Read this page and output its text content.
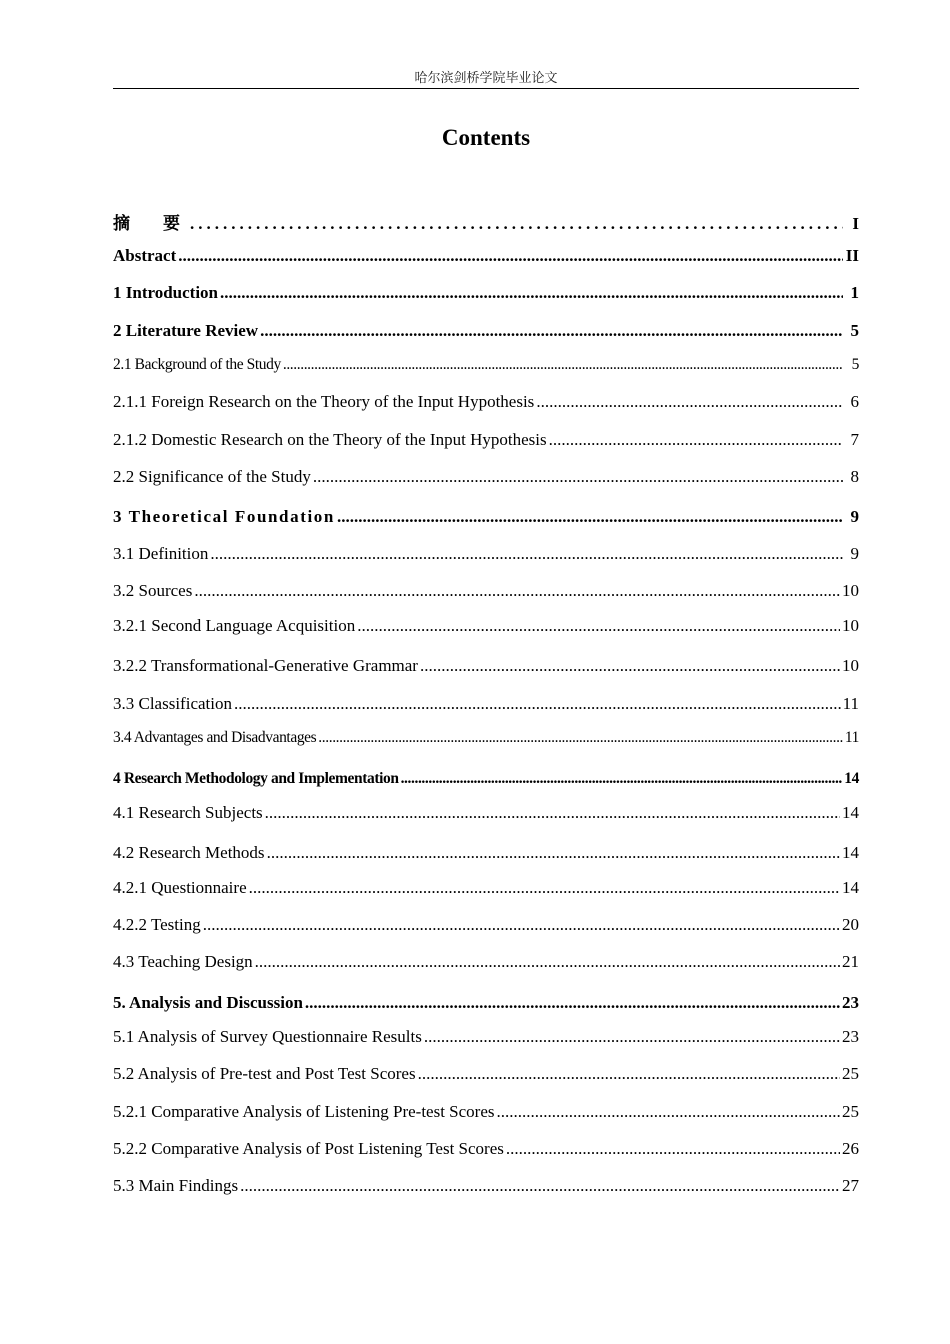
哈尔滨剑桥学院毕业论文
Contents
摘　要 .....	I
Abstract .....	II
1 Introduction .....	1
2 Literature Review .....	5
2.1 Background of the Study .....	5
2.1.1 Foreign Research on the Theory of the Input Hypothesis .....	6
2.1.2 Domestic Research on the Theory of the Input Hypothesis .....	7
2.2 Significance of the Study .....	8
3 Theoretical Foundation .....	9
3.1 Definition .....	9
3.2 Sources .....	10
3.2.1 Second Language Acquisition .....	10
3.2.2 Transformational-Generative Grammar .....	10
3.3 Classification .....	11
3.4 Advantages and Disadvantages .....	11
4 Research Methodology and Implementation .....	14
4.1 Research Subjects .....	14
4.2 Research Methods .....	14
4.2.1 Questionnaire .....	14
4.2.2 Testing .....	20
4.3 Teaching Design .....	21
5. Analysis and Discussion .....	23
5.1 Analysis of Survey Questionnaire Results .....	23
5.2 Analysis of Pre-test and Post Test Scores .....	25
5.2.1 Comparative Analysis of Listening Pre-test Scores .....	25
5.2.2 Comparative Analysis of Post Listening Test Scores .....	26
5.3 Main Findings .....	27
